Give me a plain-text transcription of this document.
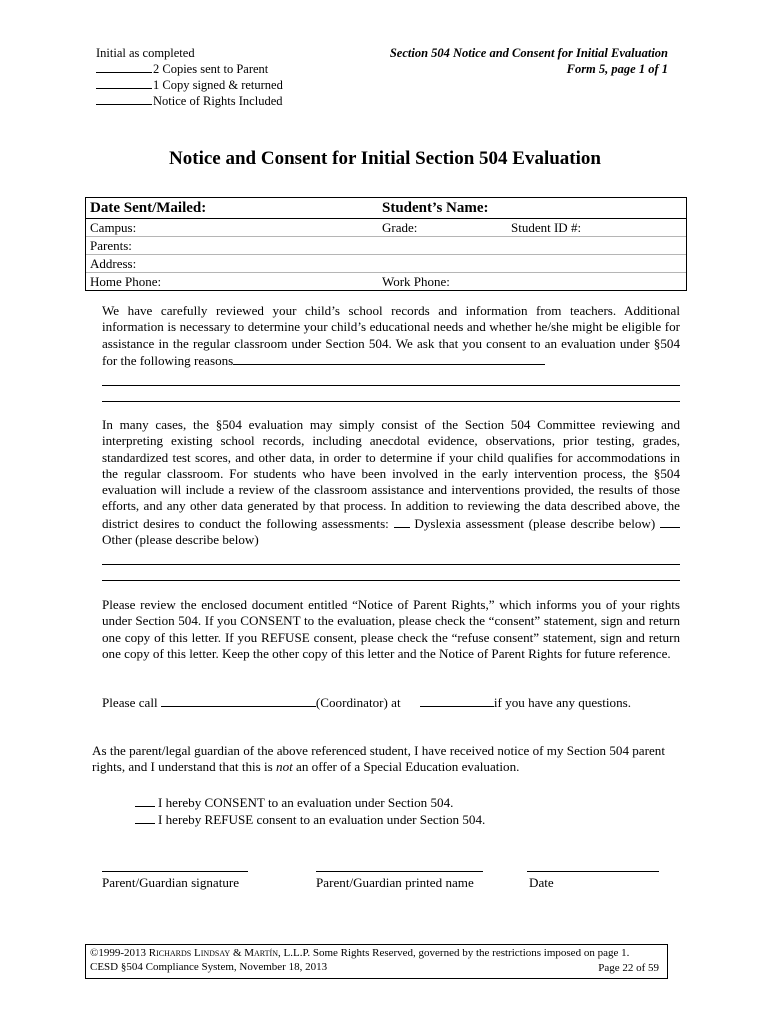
Initial as completed
2 Copies sent to Parent
1 Copy signed & returned
Notice of Rights Included
Section 504 Notice and Consent for Initial Evaluation
Form 5, page 1 of 1
Notice and Consent for Initial Section 504 Evaluation
Date Sent/Mailed:	Student’s Name:
Campus:	Grade:	Student ID #:
Parents:
Address:
Home Phone:	Work Phone:

We have carefully reviewed your child’s school records and information from teachers. Additional information is necessary to determine your child’s educational needs and whether he/she might be eligible for assistance in the regular classroom under Section 504. We ask that you consent to an evaluation under §504 for the following reasons

In many cases, the §504 evaluation may simply consist of the Section 504 Committee reviewing and interpreting existing school records, including anecdotal evidence, observations, prior testing, grades, standardized test scores, and other data, in order to determine if your child qualifies for accommodations in the regular classroom. For students who have been involved in the early intervention process, the §504 evaluation will include a review of the classroom assistance and interventions provided, the results of those efforts, and any other data generated by that process. In addition to reviewing the data described above, the district desires to conduct the following assessments: Dyslexia assessment (please describe below)  Other (please describe below)

Please review the enclosed document entitled “Notice of Parent Rights,” which informs you of your rights under Section 504. If you CONSENT to the evaluation, please check the “consent” statement, sign and return one copy of this letter. If you REFUSE consent, please check the “refuse consent” statement, sign and return one copy of this letter. Keep the other copy of this letter and the Notice of Parent Rights for future reference.
Please call	(Coordinator) at	if you have any questions.
As the parent/legal guardian of the above referenced student, I have received notice of my Section 504 parent rights, and I understand that this is not an offer of a Special Education evaluation.
I hereby CONSENT to an evaluation under Section 504.
I hereby REFUSE consent to an evaluation under Section 504.
Parent/Guardian signature	Parent/Guardian printed name	Date
©1999-2013 Richards Lindsay & Martín, L.L.P. Some Rights Reserved, governed by the restrictions imposed on page 1.
CESD §504 Compliance System, November 18, 2013	Page 22 of 59
